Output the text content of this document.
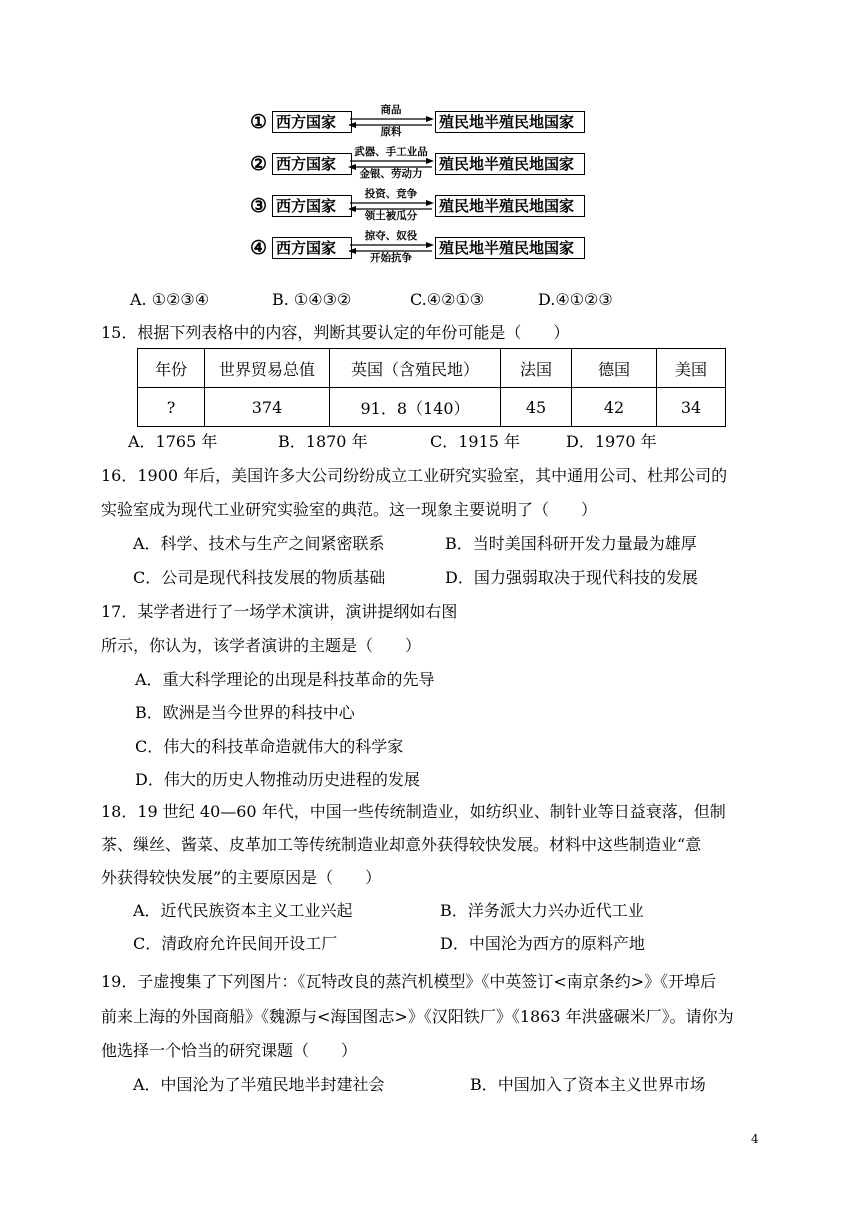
① 西方国家
商品
原料
殖民地半殖民地国家
② 西方国家
武器、手工业品
金银、劳动力
殖民地半殖民地国家
③ 西方国家
投资、竞争
领土被瓜分
殖民地半殖民地国家
④ 西方国家
掠夺、奴役
开始抗争
殖民地半殖民地国家
A. ①②③④	B. ①④③②	C.④②①③	D.④①②③
15．根据下列表格中的内容，判断其要认定的年份可能是（　　）
年份	世界贸易总值	英国（含殖民地）	法国	德国	美国
?	374	91．8（140）	45	42	34
A．1765 年	B．1870 年	C．1915 年	D．1970 年
16．1900 年后，美国许多大公司纷纷成立工业研究实验室，其中通用公司、杜邦公司的
实验室成为现代工业研究实验室的典范。这一现象主要说明了（　　）
A．科学、技术与生产之间紧密联系	B．当时美国科研开发力量最为雄厚
C．公司是现代科技发展的物质基础	D．国力强弱取决于现代科技的发展
17．某学者进行了一场学术演讲，演讲提纲如右图
所示，你认为，该学者演讲的主题是（　　）
A．重大科学理论的出现是科技革命的先导
B．欧洲是当今世界的科技中心
C．伟大的科技革命造就伟大的科学家
D．伟大的历史人物推动历史进程的发展
18．19 世纪 40—60 年代，中国一些传统制造业，如纺织业、制针业等日益衰落，但制
茶、缫丝、酱菜、皮革加工等传统制造业却意外获得较快发展。材料中这些制造业“意
外获得较快发展”的主要原因是（　　）
A．近代民族资本主义工业兴起	B．洋务派大力兴办近代工业
C．清政府允许民间开设工厂	D．中国沦为西方的原料产地
19．子虚搜集了下列图片：《瓦特改良的蒸汽机模型》《中英签订<南京条约>》《开埠后
前来上海的外国商船》《魏源与<海国图志>》《汉阳铁厂》《1863 年洪盛碾米厂》。请你为
他选择一个恰当的研究课题（　　）
A．中国沦为了半殖民地半封建社会	B．中国加入了资本主义世界市场
4
